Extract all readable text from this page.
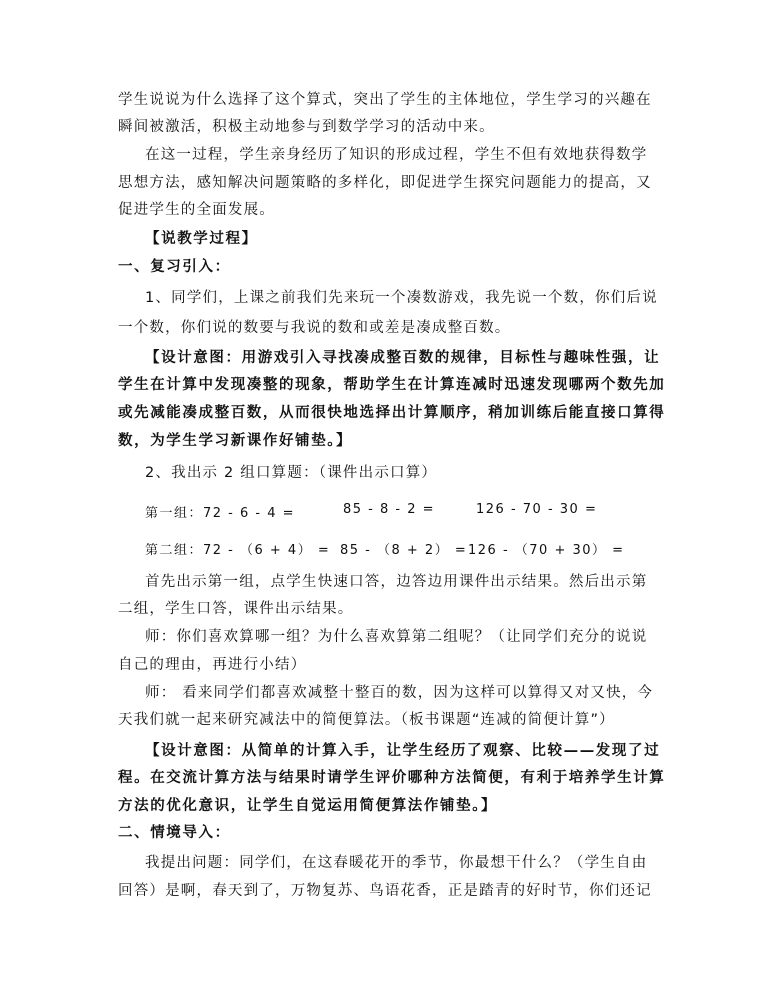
学生说说为什么选择了这个算式，突出了学生的主体地位，学生学习的兴趣在
瞬间被激活，积极主动地参与到数学学习的活动中来。
在这一过程，学生亲身经历了知识的形成过程，学生不但有效地获得数学
思想方法，感知解决问题策略的多样化，即促进学生探究问题能力的提高，又
促进学生的全面发展。
【说教学过程】
一、复习引入：
1、同学们，上课之前我们先来玩一个凑数游戏，我先说一个数，你们后说
一个数，你们说的数要与我说的数和或差是凑成整百数。
【设计意图：用游戏引入寻找凑成整百数的规律，目标性与趣味性强，让
学生在计算中发现凑整的现象，帮助学生在计算连减时迅速发现哪两个数先加
或先减能凑成整百数，从而很快地选择出计算顺序，稍加训练后能直接口算得
数，为学生学习新课作好铺垫。】
2、我出示 2 组口算题：（课件出示口算）
第一组：72 - 6 - 4 =	85 - 8 - 2 =	126 - 70 - 30 =
第二组：72 - （6 + 4） = 85 - （8 + 2） = 126 - （70 + 30） =
首先出示第一组，点学生快速口答，边答边用课件出示结果。然后出示第
二组，学生口答，课件出示结果。
师：你们喜欢算哪一组？为什么喜欢算第二组呢？（让同学们充分的说说
自己的理由，再进行小结）
师： 看来同学们都喜欢减整十整百的数，因为这样可以算得又对又快，今
天我们就一起来研究减法中的简便算法。（板书课题“连减的简便计算”）
【设计意图：从简单的计算入手，让学生经历了观察、比较——发现了过
程。在交流计算方法与结果时请学生评价哪种方法简便，有利于培养学生计算
方法的优化意识，让学生自觉运用简便算法作铺垫。】
二、情境导入：
我提出问题：同学们，在这春暖花开的季节，你最想干什么？（学生自由
回答）是啊，春天到了，万物复苏、鸟语花香，正是踏青的好时节，你们还记
